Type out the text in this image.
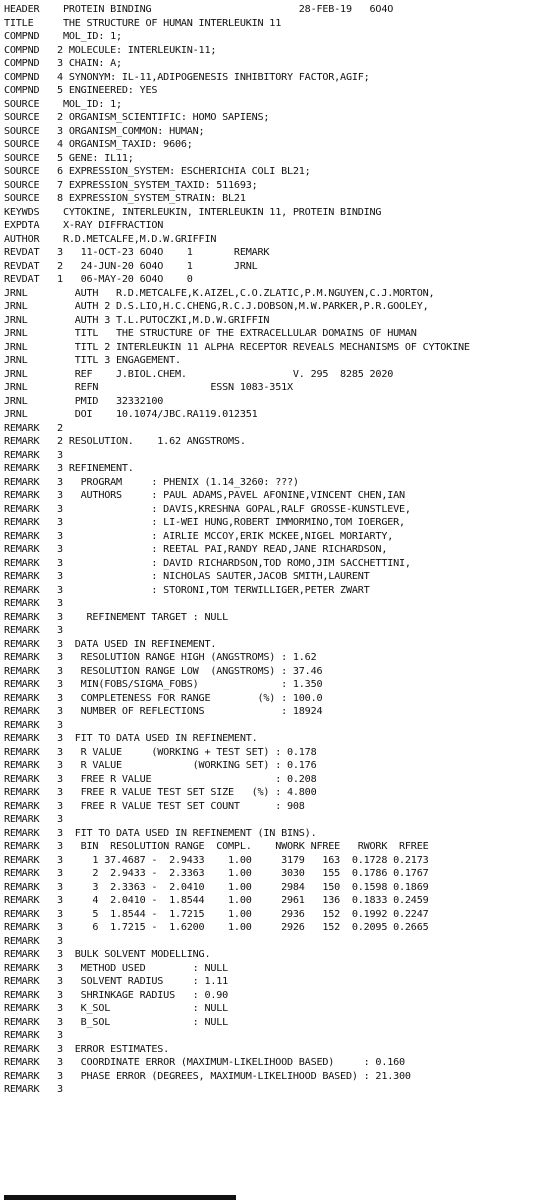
HEADER    PROTEIN BINDING                         28-FEB-19   6O4O
TITLE     THE STRUCTURE OF HUMAN INTERLEUKIN 11
COMPND    MOL_ID: 1;
COMPND   2 MOLECULE: INTERLEUKIN-11;
COMPND   3 CHAIN: A;
COMPND   4 SYNONYM: IL-11,ADIPOGENESIS INHIBITORY FACTOR,AGIF;
COMPND   5 ENGINEERED: YES
SOURCE    MOL_ID: 1;
SOURCE   2 ORGANISM_SCIENTIFIC: HOMO SAPIENS;
SOURCE   3 ORGANISM_COMMON: HUMAN;
SOURCE   4 ORGANISM_TAXID: 9606;
SOURCE   5 GENE: IL11;
SOURCE   6 EXPRESSION_SYSTEM: ESCHERICHIA COLI BL21;
SOURCE   7 EXPRESSION_SYSTEM_TAXID: 511693;
SOURCE   8 EXPRESSION_SYSTEM_STRAIN: BL21
KEYWDS    CYTOKINE, INTERLEUKIN, INTERLEUKIN 11, PROTEIN BINDING
EXPDTA    X-RAY DIFFRACTION
AUTHOR    R.D.METCALFE,M.D.W.GRIFFIN
REVDAT   3   11-OCT-23 6O4O    1       REMARK
REVDAT   2   24-JUN-20 6O4O    1       JRNL
REVDAT   1   06-MAY-20 6O4O    0
JRNL        AUTH   R.D.METCALFE,K.AIZEL,C.O.ZLATIC,P.M.NGUYEN,C.J.MORTON,
JRNL        AUTH 2 D.S.LIO,H.C.CHENG,R.C.J.DOBSON,M.W.PARKER,P.R.GOOLEY,
JRNL        AUTH 3 T.L.PUTOCZKI,M.D.W.GRIFFIN
JRNL        TITL   THE STRUCTURE OF THE EXTRACELLULAR DOMAINS OF HUMAN
JRNL        TITL 2 INTERLEUKIN 11 ALPHA RECEPTOR REVEALS MECHANISMS OF CYTOKINE
JRNL        TITL 3 ENGAGEMENT.
JRNL        REF    J.BIOL.CHEM.                  V. 295  8285 2020
JRNL        REFN                   ESSN 1083-351X
JRNL        PMID   32332100
JRNL        DOI    10.1074/JBC.RA119.012351
REMARK   2
REMARK   2 RESOLUTION.    1.62 ANGSTROMS.
REMARK   3
REMARK   3 REFINEMENT.
REMARK   3   PROGRAM     : PHENIX (1.14_3260: ???)
REMARK   3   AUTHORS     : PAUL ADAMS,PAVEL AFONINE,VINCENT CHEN,IAN
REMARK   3               : DAVIS,KRESHNA GOPAL,RALF GROSSE-KUNSTLEVE,
REMARK   3               : LI-WEI HUNG,ROBERT IMMORMINO,TOM IOERGER,
REMARK   3               : AIRLIE MCCOY,ERIK MCKEE,NIGEL MORIARTY,
REMARK   3               : REETAL PAI,RANDY READ,JANE RICHARDSON,
REMARK   3               : DAVID RICHARDSON,TOD ROMO,JIM SACCHETTINI,
REMARK   3               : NICHOLAS SAUTER,JACOB SMITH,LAURENT
REMARK   3               : STORONI,TOM TERWILLIGER,PETER ZWART
REMARK   3
REMARK   3    REFINEMENT TARGET : NULL
REMARK   3
REMARK   3  DATA USED IN REFINEMENT.
REMARK   3   RESOLUTION RANGE HIGH (ANGSTROMS) : 1.62
REMARK   3   RESOLUTION RANGE LOW  (ANGSTROMS) : 37.46
REMARK   3   MIN(FOBS/SIGMA_FOBS)              : 1.350
REMARK   3   COMPLETENESS FOR RANGE        (%) : 100.0
REMARK   3   NUMBER OF REFLECTIONS             : 18924
REMARK   3
REMARK   3  FIT TO DATA USED IN REFINEMENT.
REMARK   3   R VALUE     (WORKING + TEST SET) : 0.178
REMARK   3   R VALUE            (WORKING SET) : 0.176
REMARK   3   FREE R VALUE                     : 0.208
REMARK   3   FREE R VALUE TEST SET SIZE   (%) : 4.800
REMARK   3   FREE R VALUE TEST SET COUNT      : 908
REMARK   3
REMARK   3  FIT TO DATA USED IN REFINEMENT (IN BINS).
REMARK   3   BIN  RESOLUTION RANGE  COMPL.    NWORK NFREE   RWORK  RFREE
REMARK   3     1 37.4687 -  2.9433    1.00     3179   163  0.1728 0.2173
REMARK   3     2  2.9433 -  2.3363    1.00     3030   155  0.1786 0.1767
REMARK   3     3  2.3363 -  2.0410    1.00     2984   150  0.1598 0.1869
REMARK   3     4  2.0410 -  1.8544    1.00     2961   136  0.1833 0.2459
REMARK   3     5  1.8544 -  1.7215    1.00     2936   152  0.1992 0.2247
REMARK   3     6  1.7215 -  1.6200    1.00     2926   152  0.2095 0.2665
REMARK   3
REMARK   3  BULK SOLVENT MODELLING.
REMARK   3   METHOD USED        : NULL
REMARK   3   SOLVENT RADIUS     : 1.11
REMARK   3   SHRINKAGE RADIUS   : 0.90
REMARK   3   K_SOL              : NULL
REMARK   3   B_SOL              : NULL
REMARK   3
REMARK   3  ERROR ESTIMATES.
REMARK   3   COORDINATE ERROR (MAXIMUM-LIKELIHOOD BASED)     : 0.160
REMARK   3   PHASE ERROR (DEGREES, MAXIMUM-LIKELIHOOD BASED) : 21.300
REMARK   3
